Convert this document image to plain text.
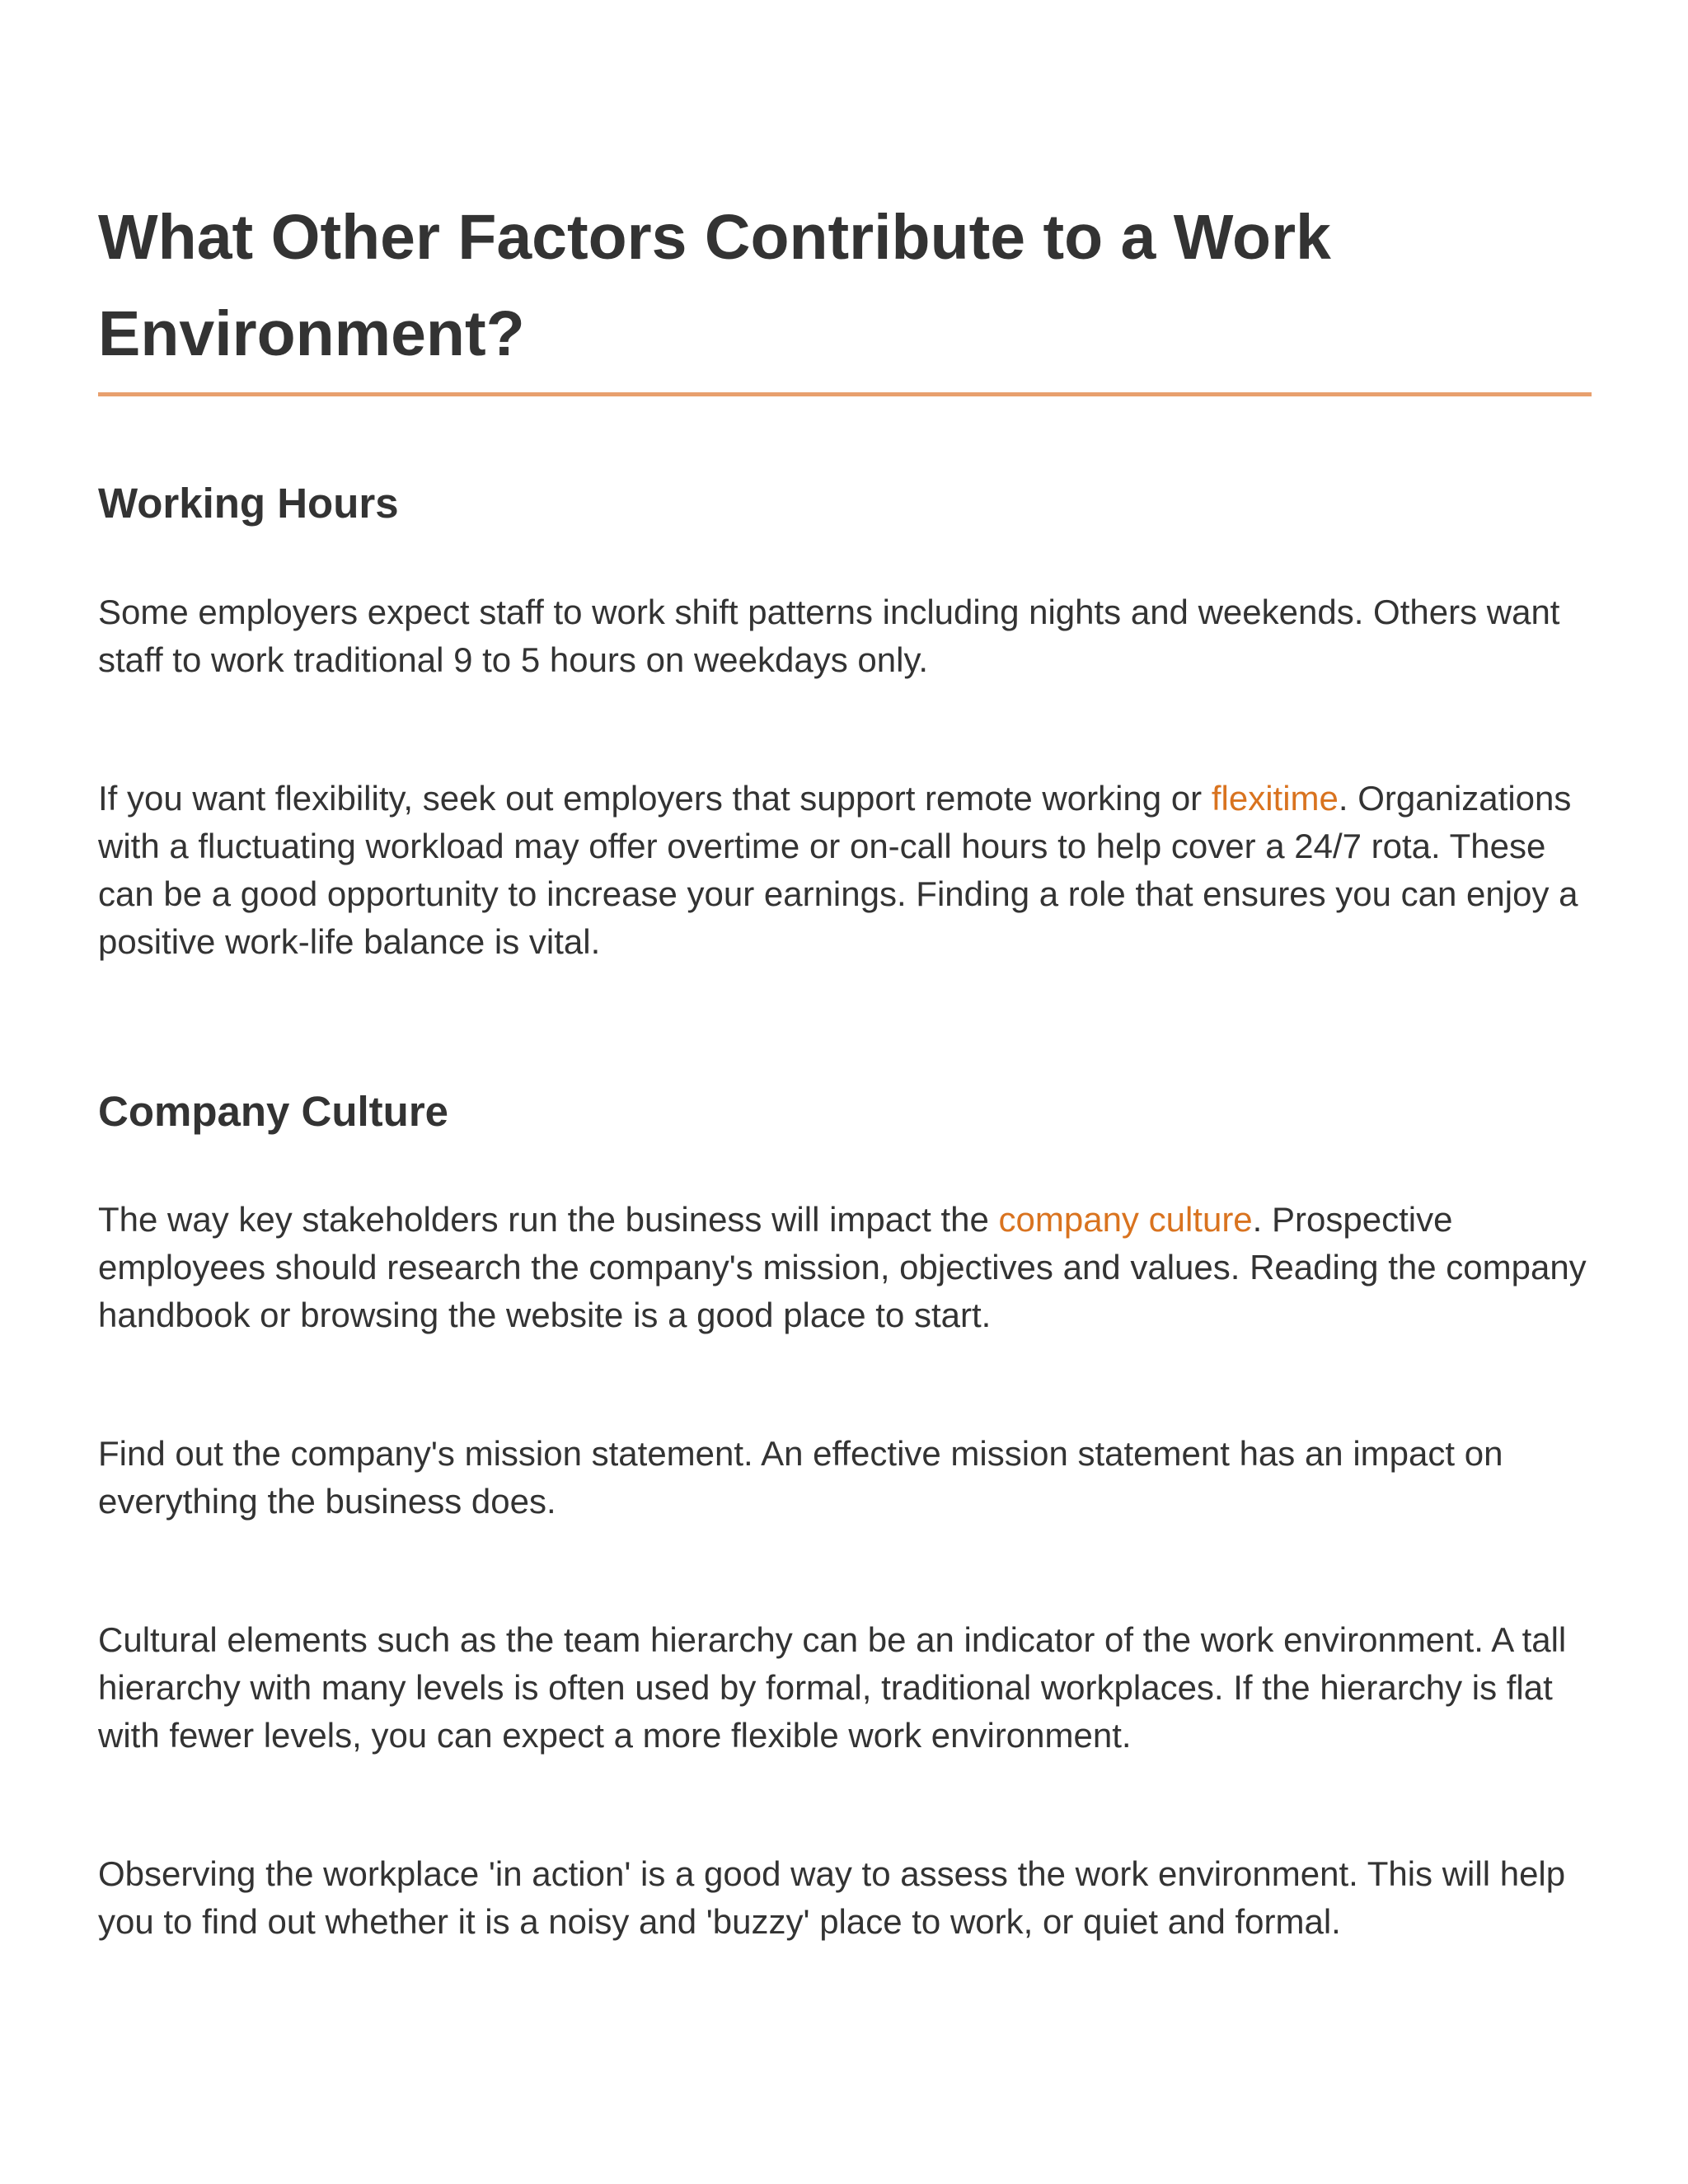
What Other Factors Contribute to a Work Environment?
Working Hours

Some employers expect staff to work shift patterns including nights and weekends. Others want staff to work traditional 9 to 5 hours on weekdays only.

If you want flexibility, seek out employers that support remote working or flexitime. Organizations with a fluctuating workload may offer overtime or on-call hours to help cover a 24/7 rota. These can be a good opportunity to increase your earnings. Finding a role that ensures you can enjoy a positive work-life balance is vital.

Company Culture

The way key stakeholders run the business will impact the company culture. Prospective employees should research the company's mission, objectives and values. Reading the company handbook or browsing the website is a good place to start.

Find out the company's mission statement. An effective mission statement has an impact on everything the business does.

Cultural elements such as the team hierarchy can be an indicator of the work environment. A tall hierarchy with many levels is often used by formal, traditional workplaces. If the hierarchy is flat with fewer levels, you can expect a more flexible work environment.

Observing the workplace 'in action' is a good way to assess the work environment. This will help you to find out whether it is a noisy and 'buzzy' place to work, or quiet and formal.
